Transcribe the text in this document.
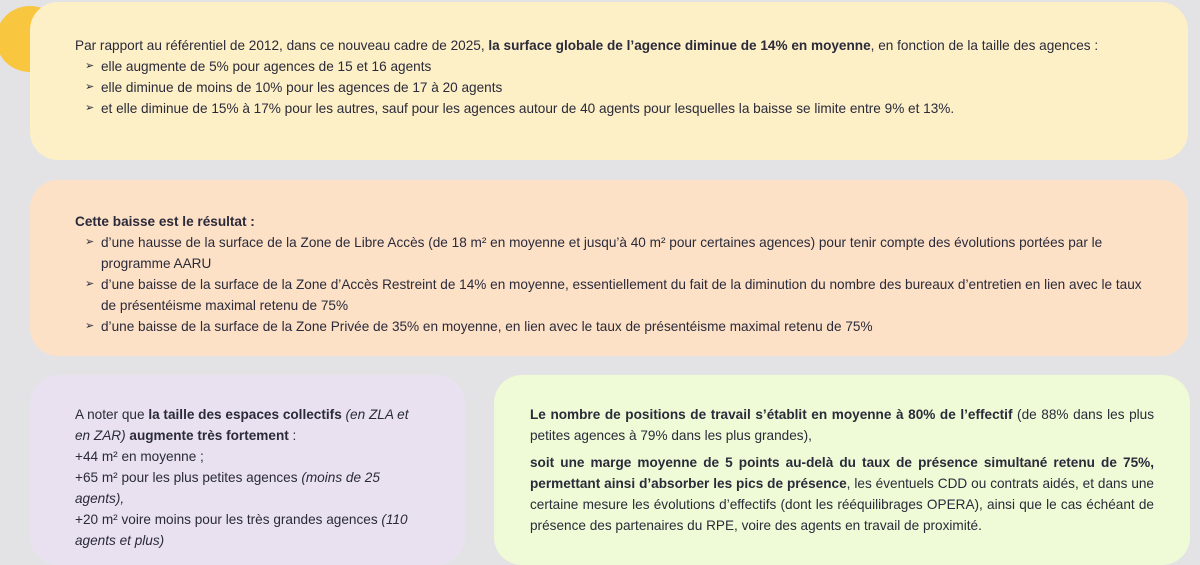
Par rapport au référentiel de 2012, dans ce nouveau cadre de 2025, la surface globale de l’agence diminue de 14% en moyenne, en fonction de la taille des agences :

➢ elle augmente de 5% pour agences de 15 et 16 agents
➢ elle diminue de moins de 10% pour les agences de 17 à 20 agents
➢ et elle diminue de 15% à 17% pour les autres, sauf pour les agences autour de 40 agents pour lesquelles la baisse se limite entre 9% et 13%.

Cette baisse est le résultat :

➢ d’une hausse de la surface de la Zone de Libre Accès (de 18 m² en moyenne et jusqu’à 40 m² pour certaines agences) pour tenir compte des évolutions portées par le programme AARU
➢ d’une baisse de la surface de la Zone d’Accès Restreint de 14% en moyenne, essentiellement du fait de la diminution du nombre des bureaux d’entretien en lien avec le taux de présentéisme maximal retenu de 75%
➢ d’une baisse de la surface de la Zone Privée de 35% en moyenne, en lien avec le taux de présentéisme maximal retenu de 75%

A noter que la taille des espaces collectifs (en ZLA et en ZAR) augmente très fortement :

+44 m² en moyenne ;

+65 m² pour les plus petites agences (moins de 25 agents),

+20 m² voire moins pour les très grandes agences (110 agents et plus)

Le nombre de positions de travail s’établit en moyenne à 80% de l’effectif (de 88% dans les plus petites agences à 79% dans les plus grandes),

soit une marge moyenne de 5 points au-delà du taux de présence simultané retenu de 75%, permettant ainsi d’absorber les pics de présence, les éventuels CDD ou contrats aidés, et dans une certaine mesure les évolutions d’effectifs (dont les rééquilibrages OPERA), ainsi que le cas échéant de présence des partenaires du RPE, voire des agents en travail de proximité.
